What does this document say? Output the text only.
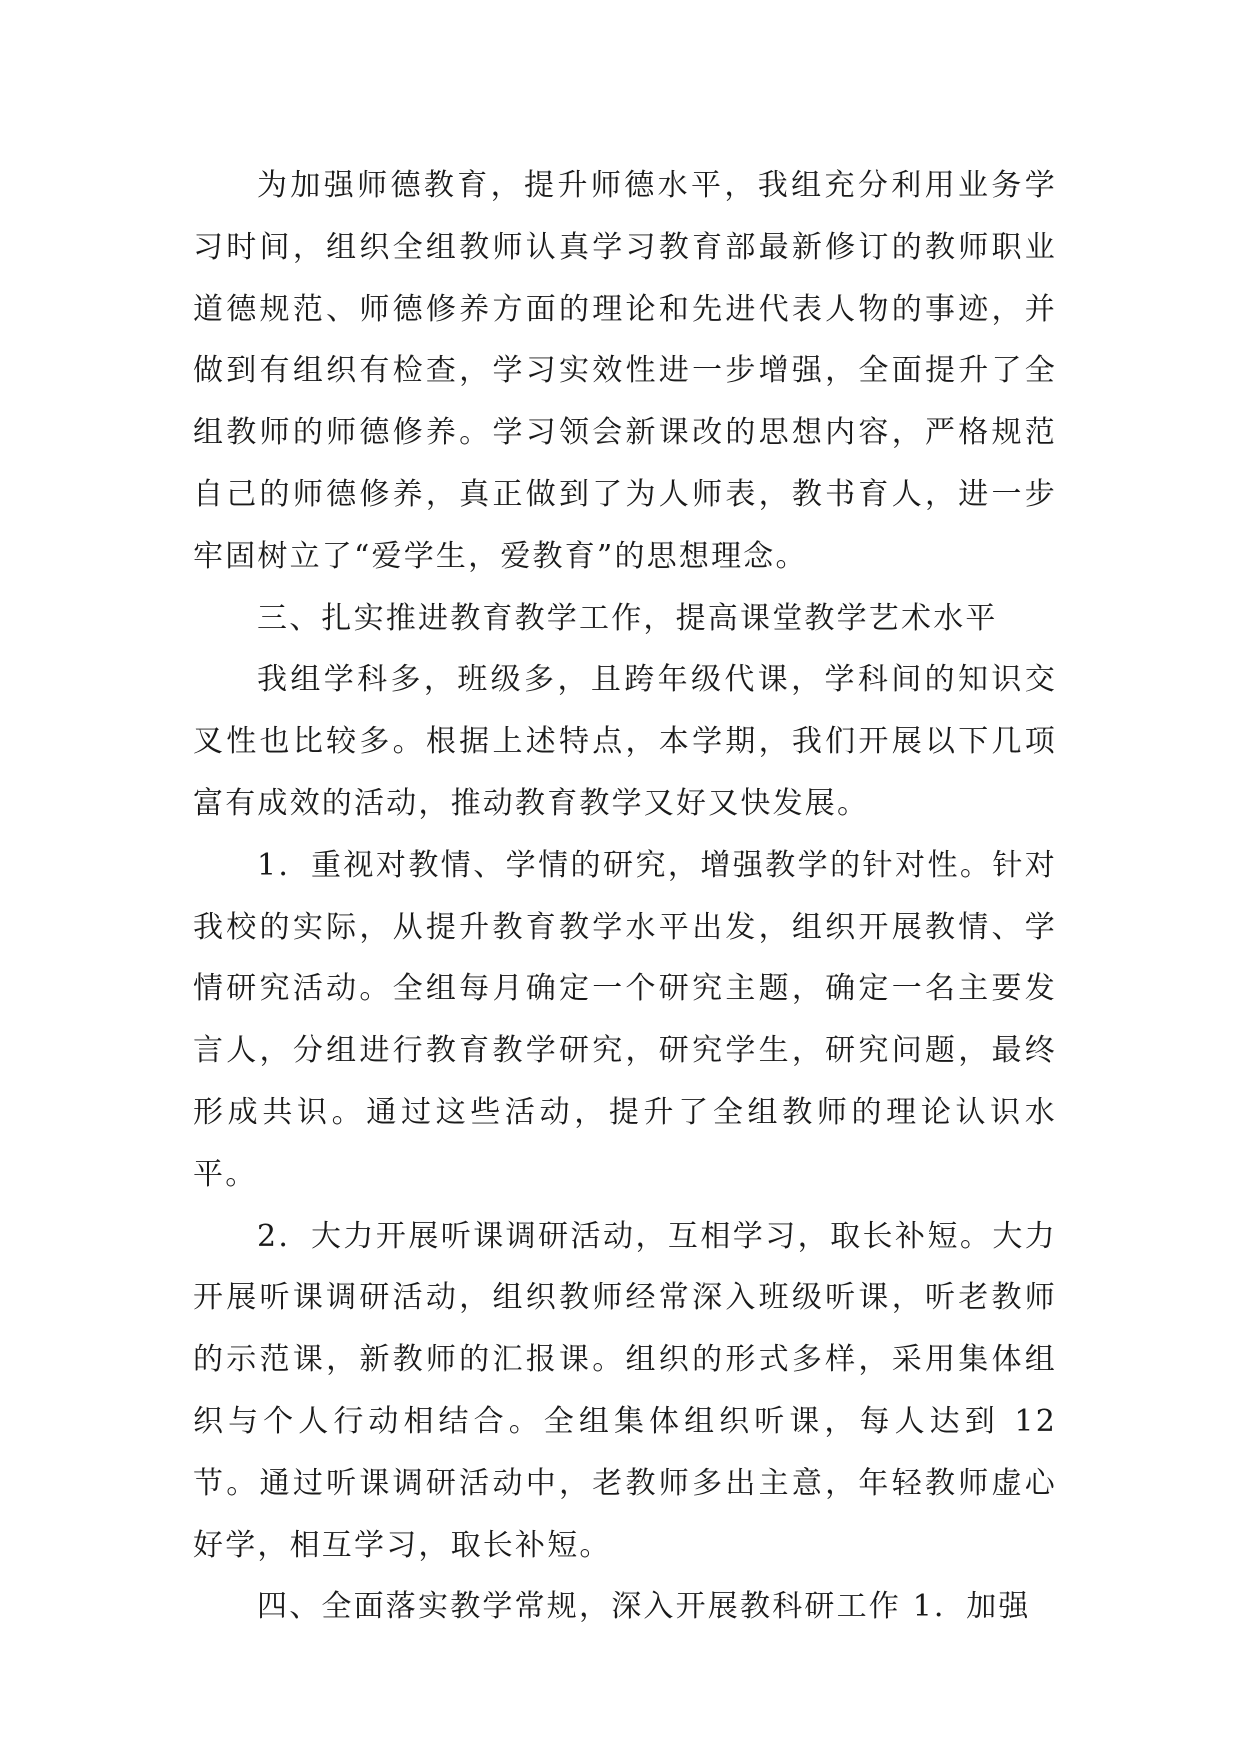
为加强师德教育，提升师德水平，我组充分利用业务学习时间，组织全组教师认真学习教育部最新修订的教师职业道德规范、师德修养方面的理论和先进代表人物的事迹，并做到有组织有检查，学习实效性进一步增强，全面提升了全组教师的师德修养。学习领会新课改的思想内容，严格规范自己的师德修养，真正做到了为人师表，教书育人，进一步牢固树立了“爱学生，爱教育”的思想理念。

三、扎实推进教育教学工作，提高课堂教学艺术水平

我组学科多，班级多，且跨年级代课，学科间的知识交叉性也比较多。根据上述特点，本学期，我们开展以下几项富有成效的活动，推动教育教学又好又快发展。

1．重视对教情、学情的研究，增强教学的针对性。针对我校的实际，从提升教育教学水平出发，组织开展教情、学情研究活动。全组每月确定一个研究主题，确定一名主要发言人，分组进行教育教学研究，研究学生，研究问题，最终形成共识。通过这些活动，提升了全组教师的理论认识水平。

2．大力开展听课调研活动，互相学习，取长补短。大力开展听课调研活动，组织教师经常深入班级听课，听老教师的示范课，新教师的汇报课。组织的形式多样，采用集体组织与个人行动相结合。全组集体组织听课，每人达到 12 节。通过听课调研活动中，老教师多出主意，年轻教师虚心好学，相互学习，取长补短。

四、全面落实教学常规，深入开展教科研工作 1．加强
